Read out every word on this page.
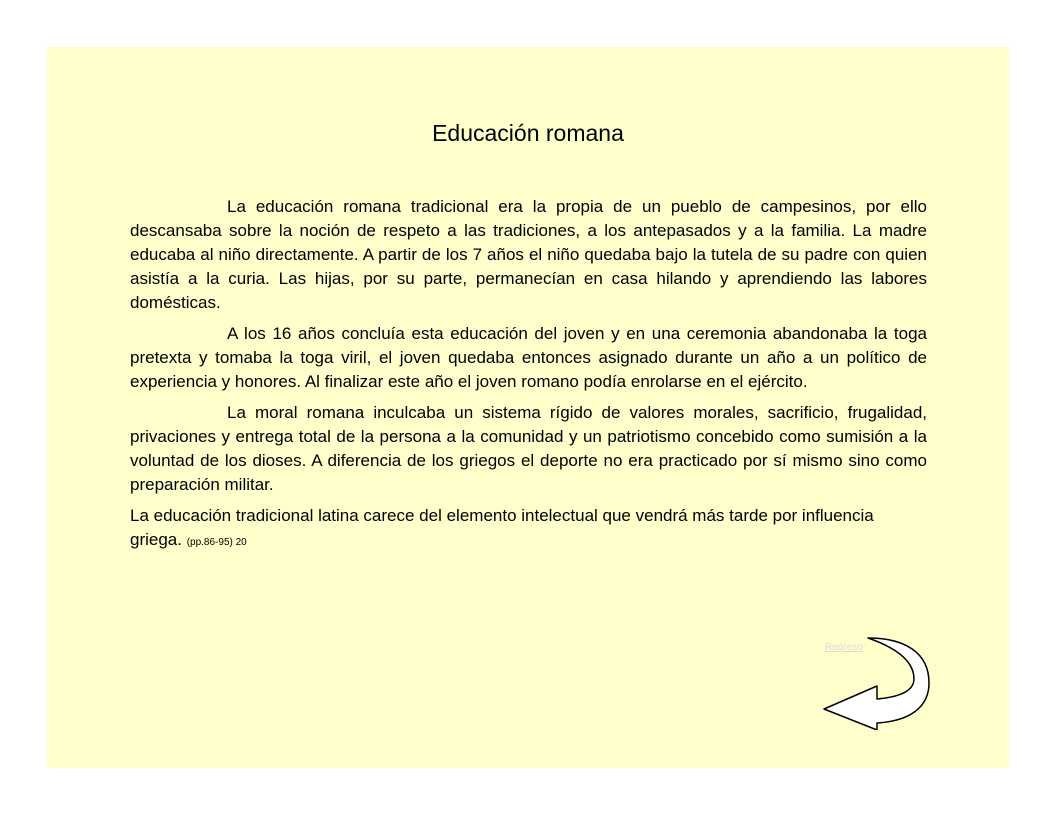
Educación romana

La educación romana tradicional era la propia de un pueblo de campesinos, por ello descansaba sobre la noción de respeto a las tradiciones, a los antepasados y a la familia. La madre educaba al niño directamente. A partir de los 7 años el niño quedaba bajo la tutela de su padre con quien asistía a la curia. Las hijas, por su parte, permanecían en casa hilando y aprendiendo las labores domésticas.

A los 16 años concluía esta educación del joven y en una ceremonia abandonaba la toga pretexta y tomaba la toga viril, el joven quedaba entonces asignado durante un año a un político de experiencia y honores. Al finalizar este año el joven romano podía enrolarse en el ejército.

La moral romana inculcaba un sistema rígido de valores morales, sacrificio, frugalidad, privaciones y entrega total de la persona a la comunidad y un patriotismo concebido como sumisión a la voluntad de los dioses. A diferencia de los griegos el deporte no era practicado por sí mismo sino como preparación militar.

La educación tradicional latina carece del elemento intelectual que vendrá más tarde por influencia griega. (pp.86-95) 20

Regreso
